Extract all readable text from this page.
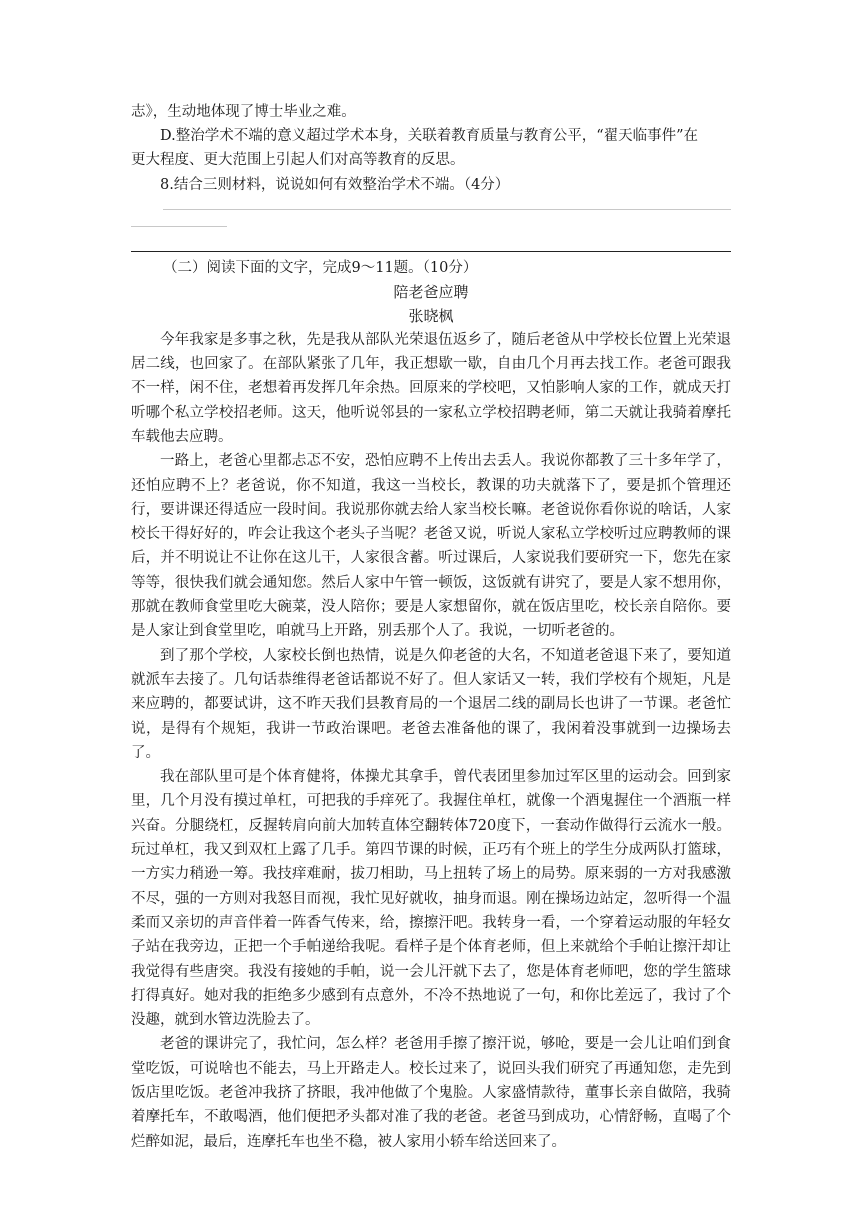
志》，生动地体现了博士毕业之难。
D.整治学术不端的意义超过学术本身，关联着教育质量与教育公平，“翟天临事件”在
更大程度、更大范围上引起人们对高等教育的反思。
8.结合三则材料，说说如何有效整治学术不端。（4分）
（二）阅读下面的文字，完成9～11题。（10分）
陪老爸应聘
张晓枫

今年我家是多事之秋，先是我从部队光荣退伍返乡了，随后老爸从中学校长位置上光荣退居二线，也回家了。在部队紧张了几年，我正想歇一歇，自由几个月再去找工作。老爸可跟我不一样，闲不住，老想着再发挥几年余热。回原来的学校吧，又怕影响人家的工作，就成天打听哪个私立学校招老师。这天，他听说邻县的一家私立学校招聘老师，第二天就让我骑着摩托车载他去应聘。

一路上，老爸心里都忐忑不安，恐怕应聘不上传出去丢人。我说你都教了三十多年学了，还怕应聘不上？老爸说，你不知道，我这一当校长，教课的功夫就落下了，要是抓个管理还行，要讲课还得适应一段时间。我说那你就去给人家当校长嘛。老爸说你看你说的啥话，人家校长干得好好的，咋会让我这个老头子当呢？老爸又说，听说人家私立学校听过应聘教师的课后，并不明说让不让你在这儿干，人家很含蓄。听过课后，人家说我们要研究一下，您先在家等等，很快我们就会通知您。然后人家中午管一顿饭，这饭就有讲究了，要是人家不想用你，那就在教师食堂里吃大碗菜，没人陪你；要是人家想留你，就在饭店里吃，校长亲自陪你。要是人家让到食堂里吃，咱就马上开路，别丢那个人了。我说，一切听老爸的。

到了那个学校，人家校长倒也热情，说是久仰老爸的大名，不知道老爸退下来了，要知道就派车去接了。几句话恭维得老爸话都说不好了。但人家话又一转，我们学校有个规矩，凡是来应聘的，都要试讲，这不昨天我们县教育局的一个退居二线的副局长也讲了一节课。老爸忙说，是得有个规矩，我讲一节政治课吧。老爸去准备他的课了，我闲着没事就到一边操场去了。

我在部队里可是个体育健将，体操尤其拿手，曾代表团里参加过军区里的运动会。回到家里，几个月没有摸过单杠，可把我的手痒死了。我握住单杠，就像一个酒鬼握住一个酒瓶一样兴奋。分腿绕杠，反握转肩向前大加转直体空翻转体720度下，一套动作做得行云流水一般。玩过单杠，我又到双杠上露了几手。第四节课的时候，正巧有个班上的学生分成两队打篮球，一方实力稍逊一筹。我技痒难耐，拔刀相助，马上扭转了场上的局势。原来弱的一方对我感激不尽，强的一方则对我怒目而视，我忙见好就收，抽身而退。刚在操场边站定，忽听得一个温柔而又亲切的声音伴着一阵香气传来，给，擦擦汗吧。我转身一看，一个穿着运动服的年轻女子站在我旁边，正把一个手帕递给我呢。看样子是个体育老师，但上来就给个手帕让擦汗却让我觉得有些唐突。我没有接她的手帕，说一会儿汗就下去了，您是体育老师吧，您的学生篮球打得真好。她对我的拒绝多少感到有点意外，不冷不热地说了一句，和你比差远了，我讨了个没趣，就到水管边洗脸去了。

老爸的课讲完了，我忙问，怎么样？老爸用手擦了擦汗说，够呛，要是一会儿让咱们到食堂吃饭，可说啥也不能去，马上开路走人。校长过来了，说回头我们研究了再通知您，走先到饭店里吃饭。老爸冲我挤了挤眼，我冲他做了个鬼脸。人家盛情款待，董事长亲自做陪，我骑着摩托车，不敢喝酒，他们便把矛头都对准了我的老爸。老爸马到成功，心情舒畅，直喝了个烂醉如泥，最后，连摩托车也坐不稳，被人家用小轿车给送回来了。
